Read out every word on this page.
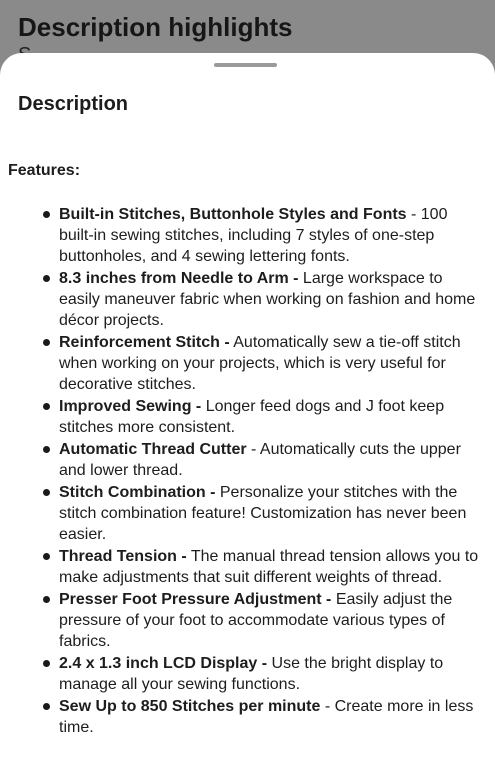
Description highlights
Description
Features:
Built-in Stitches, Buttonhole Styles and Fonts - 100 built-in sewing stitches, including 7 styles of one-step buttonholes, and 4 sewing lettering fonts.
8.3 inches from Needle to Arm - Large workspace to easily maneuver fabric when working on fashion and home décor projects.
Reinforcement Stitch - Automatically sew a tie-off stitch when working on your projects, which is very useful for decorative stitches.
Improved Sewing - Longer feed dogs and J foot keep stitches more consistent.
Automatic Thread Cutter - Automatically cuts the upper and lower thread.
Stitch Combination - Personalize your stitches with the stitch combination feature! Customization has never been easier.
Thread Tension - The manual thread tension allows you to make adjustments that suit different weights of thread.
Presser Foot Pressure Adjustment - Easily adjust the pressure of your foot to accommodate various types of fabrics.
2.4 x 1.3 inch LCD Display - Use the bright display to manage all your sewing functions.
Sew Up to 850 Stitches per minute - Create more in less time.
